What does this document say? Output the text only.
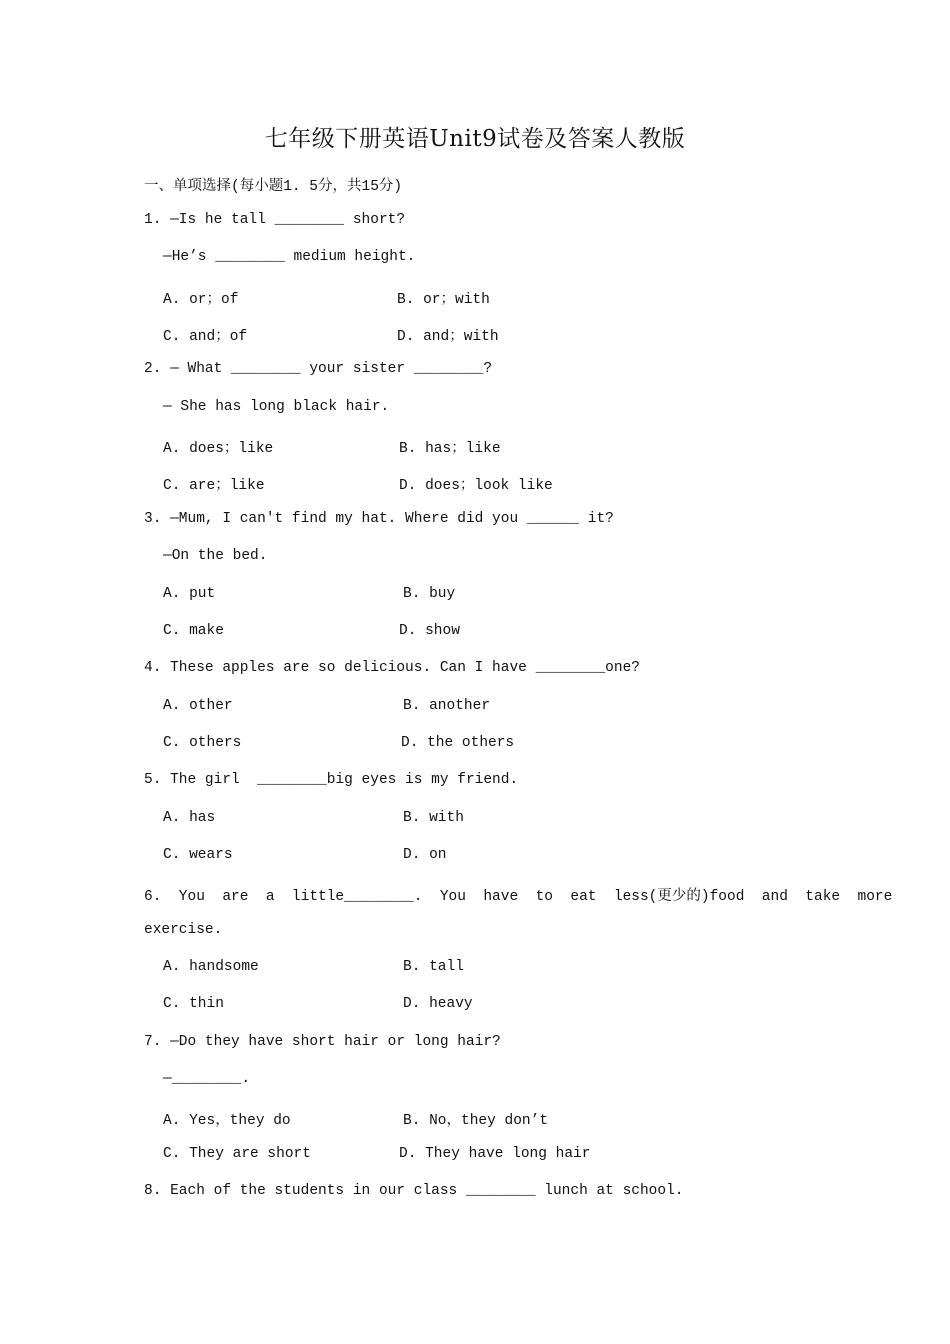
七年级下册英语Unit9试卷及答案人教版
一、单项选择(每小题1. 5分，共15分)
1. —Is he tall ________ short?
—He’s ________ medium height.
A. or；of	B. or；with
C. and；of	D. and；with
2. — What ________ your sister ________?
— She has long black hair.
A. does；like	B. has；like
C. are；like	D. does；look like
3. —Mum, I can't find my hat. Where did you ______ it?
—On the bed.
A. put	B. buy
C. make	D. show
4. These apples are so delicious. Can I have ________one?
A. other	B. another
C. others	D. the others
5. The girl  ________big eyes is my friend.
A. has	B. with
C. wears	D. on
6.  You  are  a  little________.  You  have  to  eat  less(更少的)food  and  take  more
exercise.
A. handsome	B. tall
C. thin	D. heavy
7. —Do they have short hair or long hair?
—________.
A. Yes，they do	B. No，they don’t
C. They are short	D. They have long hair
8. Each of the students in our class ________ lunch at school.
